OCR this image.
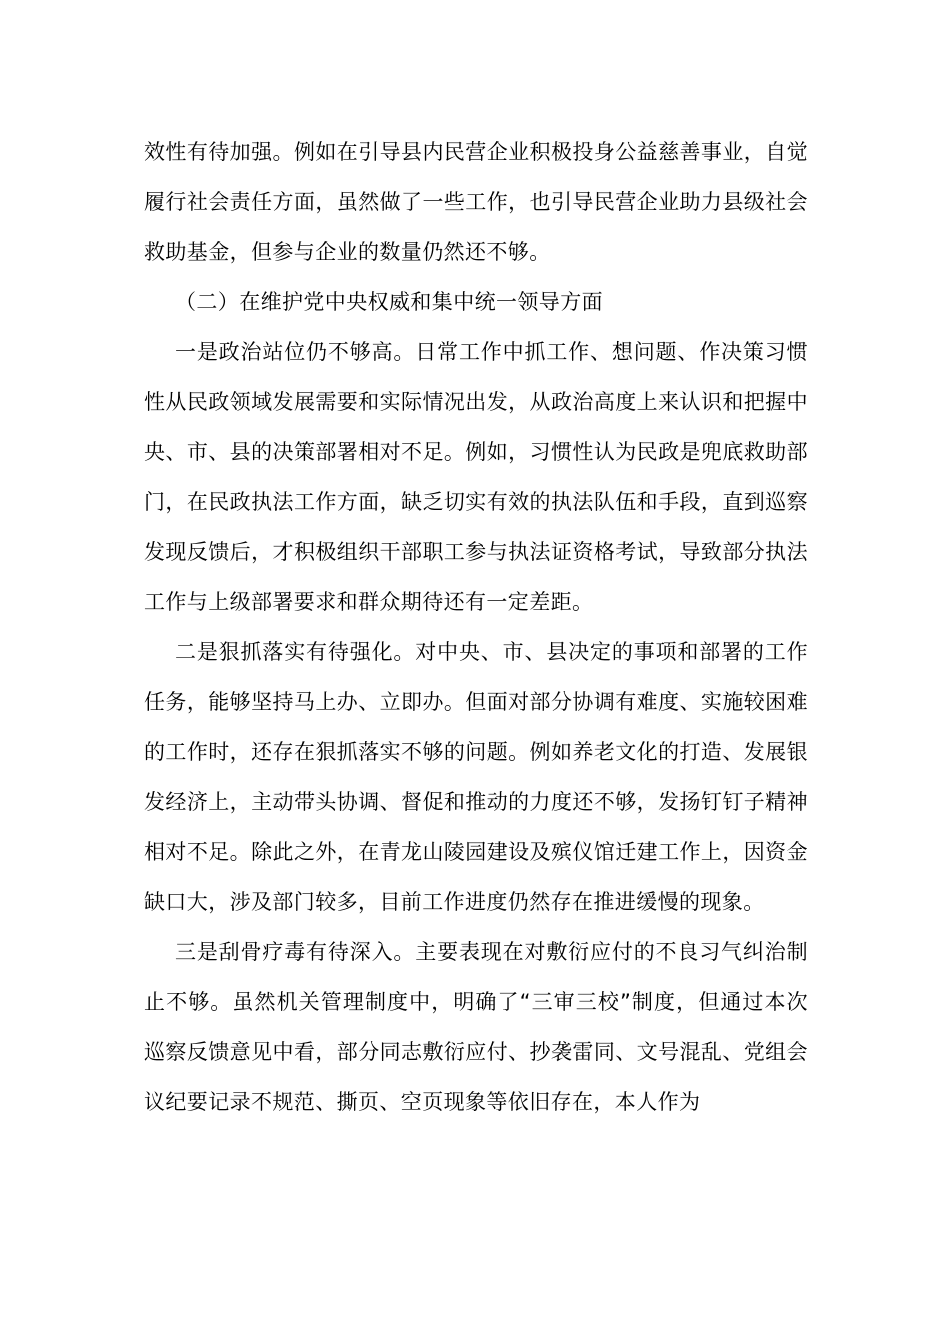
效性有待加强。例如在引导县内民营企业积极投身公益慈善事业，自觉履行社会责任方面，虽然做了一些工作，也引导民营企业助力县级社会救助基金，但参与企业的数量仍然还不够。

（二）在维护党中央权威和集中统一领导方面

一是政治站位仍不够高。日常工作中抓工作、想问题、作决策习惯性从民政领域发展需要和实际情况出发，从政治高度上来认识和把握中央、市、县的决策部署相对不足。例如，习惯性认为民政是兜底救助部门，在民政执法工作方面，缺乏切实有效的执法队伍和手段，直到巡察发现反馈后，才积极组织干部职工参与执法证资格考试，导致部分执法工作与上级部署要求和群众期待还有一定差距。

二是狠抓落实有待强化。对中央、市、县决定的事项和部署的工作任务，能够坚持马上办、立即办。但面对部分协调有难度、实施较困难的工作时，还存在狠抓落实不够的问题。例如养老文化的打造、发展银发经济上，主动带头协调、督促和推动的力度还不够，发扬钉钉子精神相对不足。除此之外，在青龙山陵园建设及殡仪馆迁建工作上，因资金缺口大，涉及部门较多，目前工作进度仍然存在推进缓慢的现象。

三是刮骨疗毒有待深入。主要表现在对敷衍应付的不良习气纠治制止不够。虽然机关管理制度中，明确了“三审三校”制度，但通过本次巡察反馈意见中看，部分同志敷衍应付、抄袭雷同、文号混乱、党组会议纪要记录不规范、撕页、空页现象等依旧存在，本人作为
